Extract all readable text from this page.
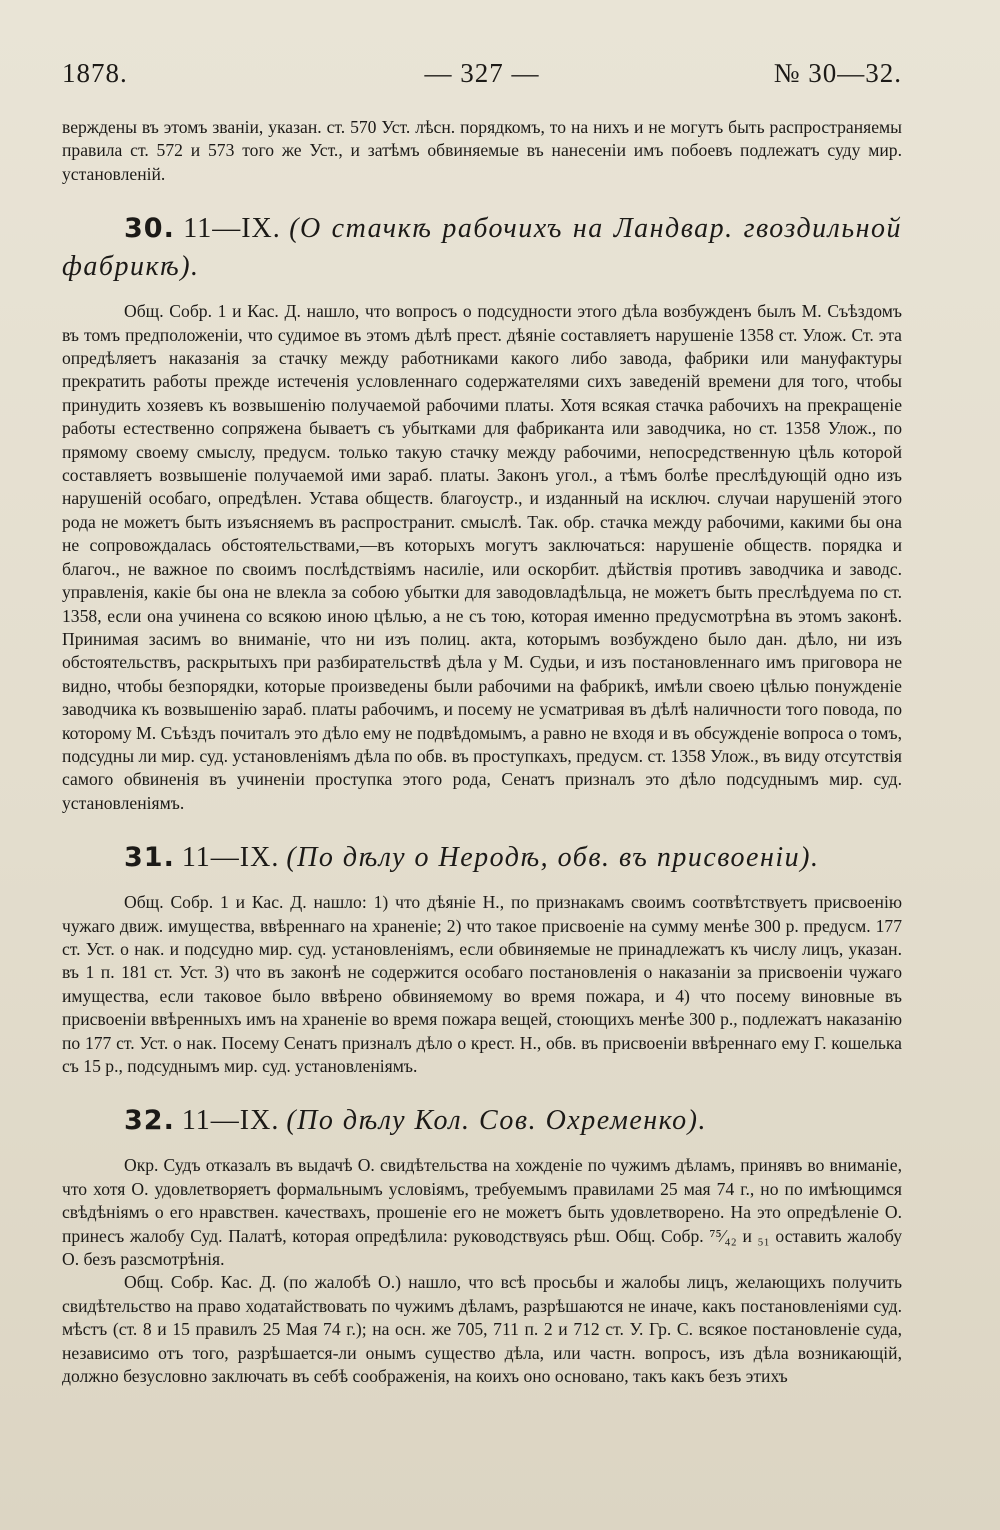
1878.	— 327 —	№ 30—32.

верждены въ этомъ званіи, указан. ст. 570 Уст. лѣсн. порядкомъ, то на нихъ и не могутъ быть распространяемы правила ст. 572 и 573 того же Уст., и затѣмъ обвиняемые въ нанесеніи имъ побоевъ подлежатъ суду мир. установленій.

30. 11—IX. (О стачкѣ рабочихъ на Ландвар. гвоздильной фабрикѣ).

Общ. Собр. 1 и Кас. Д. нашло, что вопросъ о подсудности этого дѣла возбужденъ былъ М. Съѣздомъ въ томъ предположеніи, что судимое въ этомъ дѣлѣ прест. дѣяніе составляетъ нарушеніе 1358 ст. Улож. Ст. эта опредѣляетъ наказанія за стачку между работниками какого либо завода, фабрики или мануфактуры прекратить работы прежде истеченія условленнаго содержателями сихъ заведеній времени для того, чтобы принудить хозяевъ къ возвышенію получаемой рабочими платы. Хотя всякая стачка рабочихъ на прекращеніе работы естественно сопряжена бываетъ съ убытками для фабриканта или заводчика, но ст. 1358 Улож., по прямому своему смыслу, предусм. только такую стачку между рабочими, непосредственную цѣль которой составляетъ возвышеніе получаемой ими зараб. платы. Законъ угол., а тѣмъ болѣе преслѣдующій одно изъ нарушеній особаго, опредѣлен. Устава обществ. благоустр., и изданный на исключ. случаи нарушеній этого рода не можетъ быть изъясняемъ въ распространит. смыслѣ. Так. обр. стачка между рабочими, какими бы она не сопровождалась обстоятельствами,—въ которыхъ могутъ заключаться: нарушеніе обществ. порядка и благоч., не важное по своимъ послѣдствіямъ насиліе, или оскорбит. дѣйствія противъ заводчика и заводс. управленія, какіе бы она не влекла за собою убытки для заводовладѣльца, не можетъ быть преслѣдуема по ст. 1358, если она учинена со всякою иною цѣлью, а не съ тою, которая именно предусмотрѣна въ этомъ законѣ. Принимая засимъ во вниманіе, что ни изъ полиц. акта, которымъ возбуждено было дан. дѣло, ни изъ обстоятельствъ, раскрытыхъ при разбирательствѣ дѣла у М. Судьи, и изъ постановленнаго имъ приговора не видно, чтобы безпорядки, которые произведены были рабочими на фабрикѣ, имѣли своею цѣлью понужденіе заводчика къ возвышенію зараб. платы рабочимъ, и посему не усматривая въ дѣлѣ наличности того повода, по которому М. Съѣздъ почиталъ это дѣло ему не подвѣдомымъ, а равно не входя и въ обсужденіе вопроса о томъ, подсудны ли мир. суд. установленіямъ дѣла по обв. въ проступкахъ, предусм. ст. 1358 Улож., въ виду отсутствія самого обвиненія въ учиненіи проступка этого рода, Сенатъ призналъ это дѣло подсуднымъ мир. суд. установленіямъ.

31. 11—IX. (По дѣлу о Неродѣ, обв. въ присвоеніи).

Общ. Собр. 1 и Кас. Д. нашло: 1) что дѣяніе Н., по признакамъ своимъ соотвѣтствуетъ присвоенію чужаго движ. имущества, ввѣреннаго на храненіе; 2) что такое присвоеніе на сумму менѣе 300 р. предусм. 177 ст. Уст. о нак. и подсудно мир. суд. установленіямъ, если обвиняемые не принадлежатъ къ числу лицъ, указан. въ 1 п. 181 ст. Уст. 3) что въ законѣ не содержится особаго постановленія о наказаніи за присвоеніи чужаго имущества, если таковое было ввѣрено обвиняемому во время пожара, и 4) что посему виновные въ присвоеніи ввѣренныхъ имъ на храненіе во время пожара вещей, стоющихъ менѣе 300 р., подлежатъ наказанію по 177 ст. Уст. о нак. Посему Сенатъ призналъ дѣло о крест. Н., обв. въ присвоеніи ввѣреннаго ему Г. кошелька съ 15 р., подсуднымъ мир. суд. установленіямъ.

32. 11—IX. (По дѣлу Кол. Сов. Охременко).

Окр. Судъ отказалъ въ выдачѣ О. свидѣтельства на хожденіе по чужимъ дѣламъ, принявъ во вниманіе, что хотя О. удовлетворяетъ формальнымъ условіямъ, требуемымъ правилами 25 мая 74 г., но по имѣющимся свѣдѣніямъ о его нравствен. качествахъ, прошеніе его не можетъ быть удовлетворено. На это опредѣленіе О. принесъ жалобу Суд. Палатѣ, которая опредѣлила: руководствуясь рѣш. Общ. Собр. ⁷⁵⁄₄₂ и ₅₁ оставить жалобу О. безъ разсмотрѣнія.

Общ. Собр. Кас. Д. (по жалобѣ О.) нашло, что всѣ просьбы и жалобы лицъ, желающихъ получить свидѣтельство на право ходатайствовать по чужимъ дѣламъ, разрѣшаются не иначе, какъ постановленіями суд. мѣстъ (ст. 8 и 15 правилъ 25 Мая 74 г.); на осн. же 705, 711 п. 2 и 712 ст. У. Гр. С. всякое постановленіе суда, независимо отъ того, разрѣшается-ли онымъ существо дѣла, или частн. вопросъ, изъ дѣла возникающій, должно безусловно заключать въ себѣ соображенія, на коихъ оно основано, такъ какъ безъ этихъ
